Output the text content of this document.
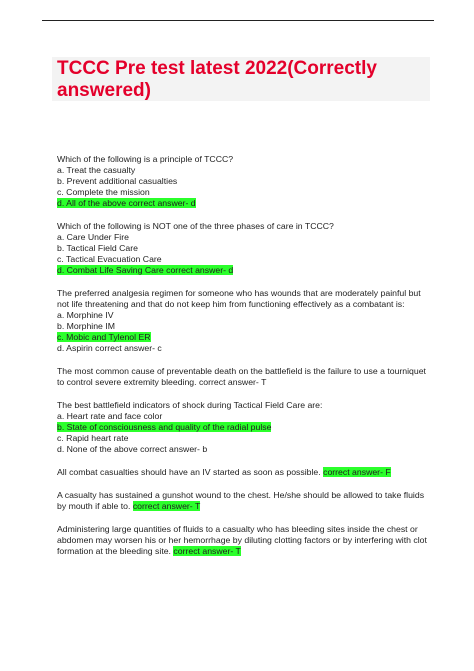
TCCC Pre test latest 2022(Correctly
answered)
Which of the following is a principle of TCCC?
a. Treat the casualty
b. Prevent additional casualties
c. Complete the mission
d. All of the above correct answer- d
Which of the following is NOT one of the three phases of care in TCCC?
a. Care Under Fire
b. Tactical Field Care
c. Tactical Evacuation Care
d. Combat Life Saving Care correct answer- d
The preferred analgesia regimen for someone who has wounds that are moderately painful but not life threatening and that do not keep him from functioning effectively as a combatant is:
a. Morphine IV
b. Morphine IM
c. Mobic and Tylenol ER
d. Aspirin correct answer- c
The most common cause of preventable death on the battlefield is the failure to use a tourniquet to control severe extremity bleeding. correct answer- T
The best battlefield indicators of shock during Tactical Field Care are:
a. Heart rate and face color
b. State of consciousness and quality of the radial pulse
c. Rapid heart rate
d. None of the above correct answer- b
All combat casualties should have an IV started as soon as possible. correct answer- F
A casualty has sustained a gunshot wound to the chest. He/she should be allowed to take fluids by mouth if able to. correct answer- T
Administering large quantities of fluids to a casualty who has bleeding sites inside the chest or abdomen may worsen his or her hemorrhage by diluting clotting factors or by interfering with clot formation at the bleeding site. correct answer- T
